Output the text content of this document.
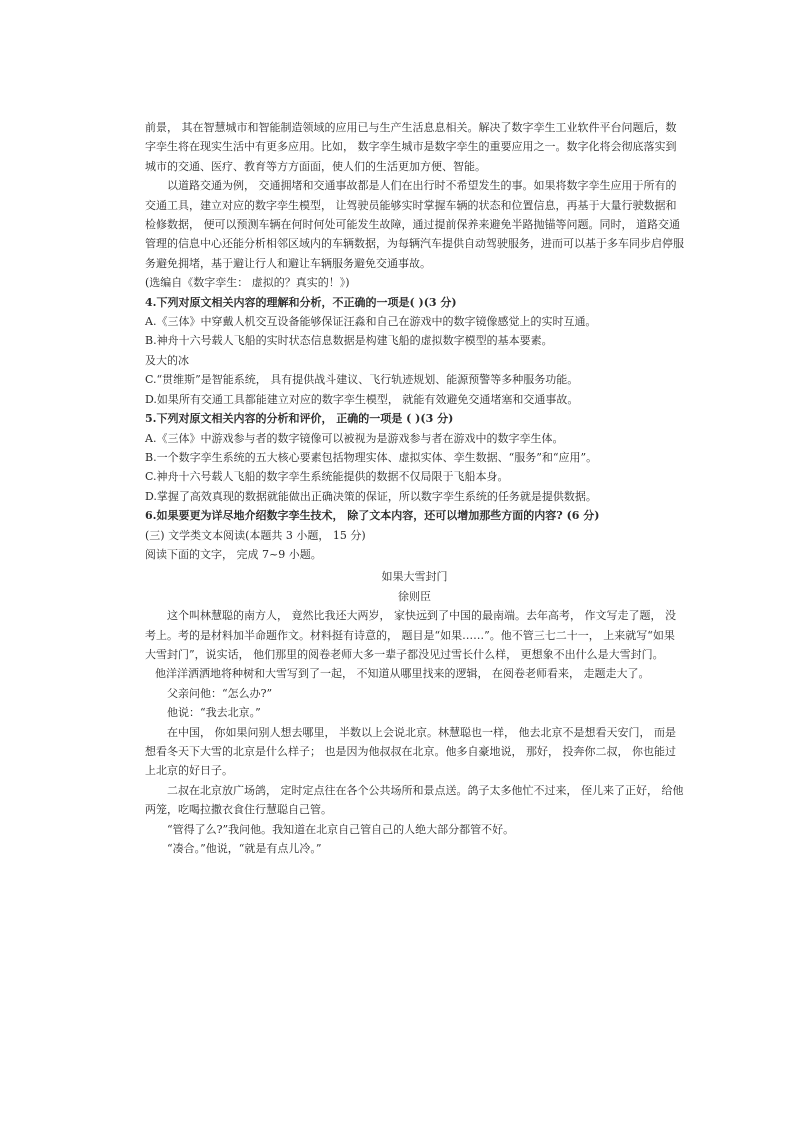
前景， 其在智慧城市和智能制造领域的应用已与生产生活息息相关。解决了数字孪生工业软件平台问题后，数字孪生将在现实生活中有更多应用。比如， 数字孪生城市是数字孪生的重要应用之一。数字化将会彻底落实到城市的交通、医疗、教育等方方面面，使人们的生活更加方便、智能。

以道路交通为例， 交通拥堵和交通事故都是人们在出行时不希望发生的事。如果将数字孪生应用于所有的交通工具，建立对应的数字孪生模型， 让驾驶员能够实时掌握车辆的状态和位置信息，再基于大量行驶数据和检修数据， 便可以预测车辆在何时何处可能发生故障，通过提前保养来避免半路抛锚等问题。同时， 道路交通管理的信息中心还能分析相邻区域内的车辆数据，为每辆汽车提供自动驾驶服务，进而可以基于多车同步启停服务避免拥堵，基于避让行人和避让车辆服务避免交通事故。

(选编自《数字孪生： 虚拟的？真实的！》)

4.下列对原文相关内容的理解和分析，不正确的一项是( )(3 分)

A.《三体》中穿戴人机交互设备能够保证汪淼和自己在游戏中的数字镜像感觉上的实时互通。

B.神舟十六号载人飞船的实时状态信息数据是构建飞船的虚拟数字模型的基本要素。

及大的冰

C.“贯维斯”是智能系统， 具有提供战斗建议、飞行轨迹规划、能源预警等多种服务功能。

D.如果所有交通工具都能建立对应的数字孪生模型， 就能有效避免交通堵塞和交通事故。

5.下列对原文相关内容的分析和评价， 正确的一项是 ( )(3 分)

A.《三体》中游戏参与者的数字镜像可以被视为是游戏参与者在游戏中的数字孪生体。

B.一个数字孪生系统的五大核心要素包括物理实体、虚拟实体、孪生数据、“服务”和“应用”。

C.神舟十六号载人飞船的数字孪生系统能提供的数据不仅局限于飞船本身。

D.掌握了高效真现的数据就能做出正确决策的保证，所以数字孪生系统的任务就是提供数据。

6.如果要更为详尽地介绍数字孪生技术， 除了文本内容，还可以增加那些方面的内容? (6 分)

(三) 文学类文本阅读(本题共 3 小题， 15 分)

阅读下面的文字， 完成 7~9 小题。

如果大雪封门

徐则臣

这个叫林慧聪的南方人， 竟然比我还大两岁， 家快远到了中国的最南端。去年高考， 作文写走了题， 没考上。考的是材料加半命题作文。材料挺有诗意的， 题目是“如果……”。他不管三七二十一， 上来就写“如果大雪封门”，说实话， 他们那里的阅卷老师大多一辈子都没见过雪长什么样， 更想象不出什么是大雪封门。

他洋洋洒洒地将种树和大雪写到了一起， 不知道从哪里找来的逻辑， 在阅卷老师看来， 走题走大了。

父亲问他：“怎么办?”

他说：“我去北京。”

在中国， 你如果问别人想去哪里， 半数以上会说北京。林慧聪也一样， 他去北京不是想看天安门， 而是想看冬天下大雪的北京是什么样子； 也是因为他叔叔在北京。他多自豪地说， 那好， 投奔你二叔， 你也能过上北京的好日子。

二叔在北京放广场鸽， 定时定点往在各个公共场所和景点送。鸽子太多他忙不过来， 侄儿来了正好， 给他两笼，吃喝拉撒衣食住行慧聪自己管。

“管得了么?”我问他。我知道在北京自己管自己的人绝大部分都管不好。

“凑合。”他说，“就是有点儿冷。”
